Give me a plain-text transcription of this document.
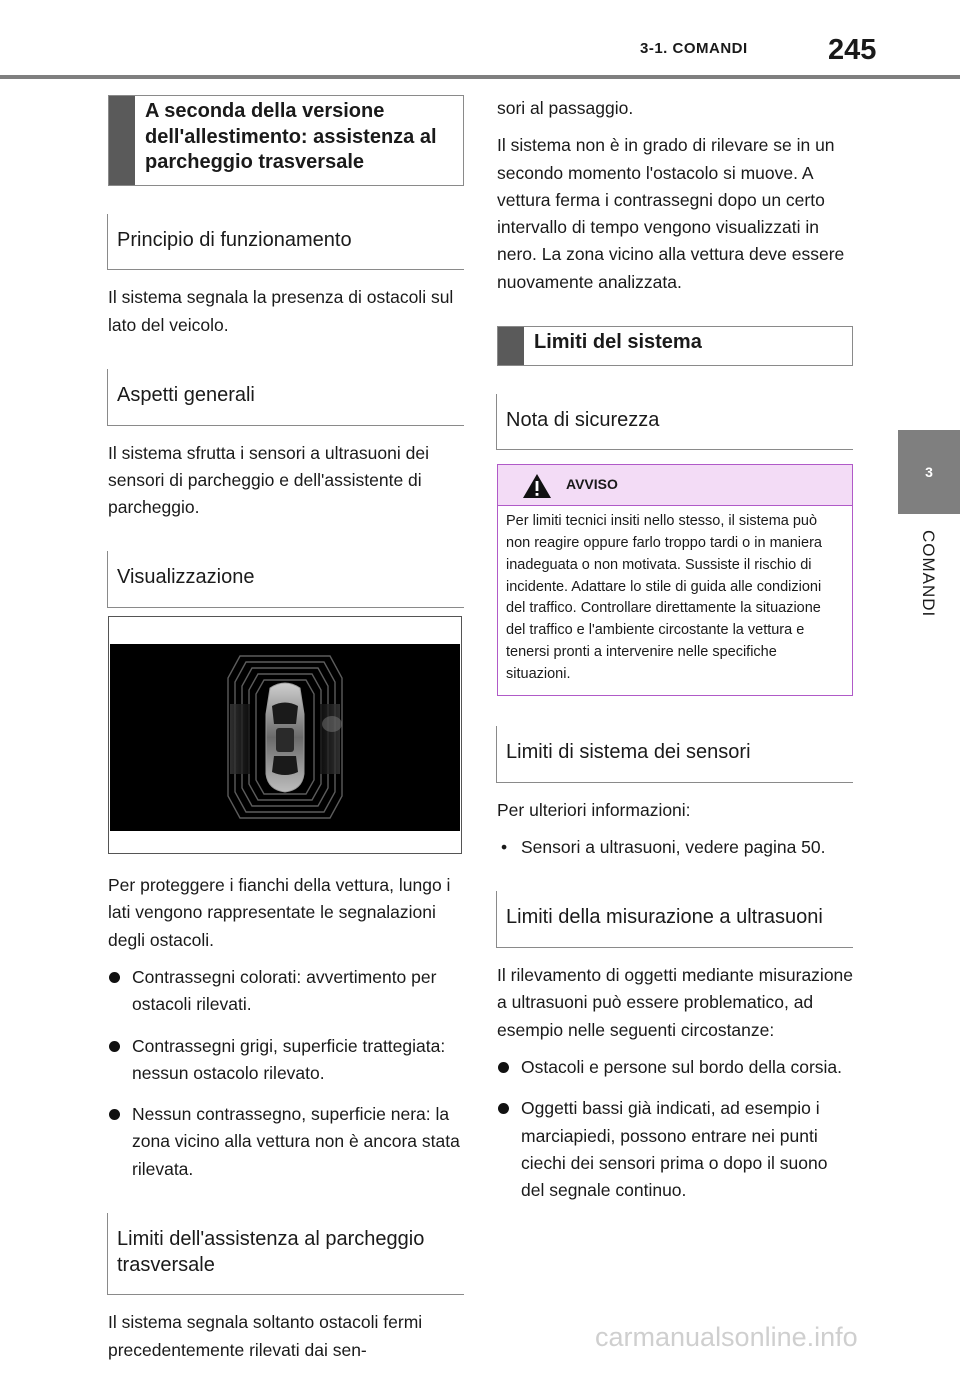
3-1. COMANDI	245
3
COMANDI
A seconda della versione dell'allestimento: assistenza al parcheggio trasversale
Principio di funzionamento

Il sistema segnala la presenza di ostacoli sul lato del veicolo.

Aspetti generali

Il sistema sfrutta i sensori a ultrasuoni dei sensori di parcheggio e dell'assistente di parcheggio.

Visualizzazione

Per proteggere i fianchi della vettura, lungo i lati vengono rappresentate le segnalazioni degli ostacoli.

Contrassegni colorati: avvertimento per ostacoli rilevati.
Contrassegni grigi, superficie trattegiata: nessun ostacolo rilevato.
Nessun contrassegno, superficie nera: la zona vicino alla vettura non è ancora stata rilevata.
Limiti dell'assistenza al parcheggio trasversale

Il sistema segnala soltanto ostacoli fermi precedentemente rilevati dai sen-

sori al passaggio.

Il sistema non è in grado di rilevare se in un secondo momento l'ostacolo si muove. A vettura ferma i contrassegni dopo un certo intervallo di tempo vengono visualizzati in nero. La zona vicino alla vettura deve essere nuovamente analizzata.

Limiti del sistema
Nota di sicurezza
AVVISO
Per limiti tecnici insiti nello stesso, il sistema può non reagire oppure farlo troppo tardi o in maniera inadeguata o non motivata. Sussiste il rischio di incidente. Adattare lo stile di guida alle condizioni del traffico. Controllare direttamente la situazione del traffico e l'ambiente circostante la vettura e tenersi pronti a intervenire nelle specifiche situazioni.
Limiti di sistema dei sensori

Per ulteriori informazioni:

• Sensori a ultrasuoni, vedere pagina 50.
Limiti della misurazione a ultrasuoni

Il rilevamento di oggetti mediante misurazione a ultrasuoni può essere problematico, ad esempio nelle seguenti circostanze:

Ostacoli e persone sul bordo della corsia.
Oggetti bassi già indicati, ad esempio i marciapiedi, possono entrare nei punti ciechi dei sensori prima o dopo il suono del segnale continuo.
carmanualsonline.info
